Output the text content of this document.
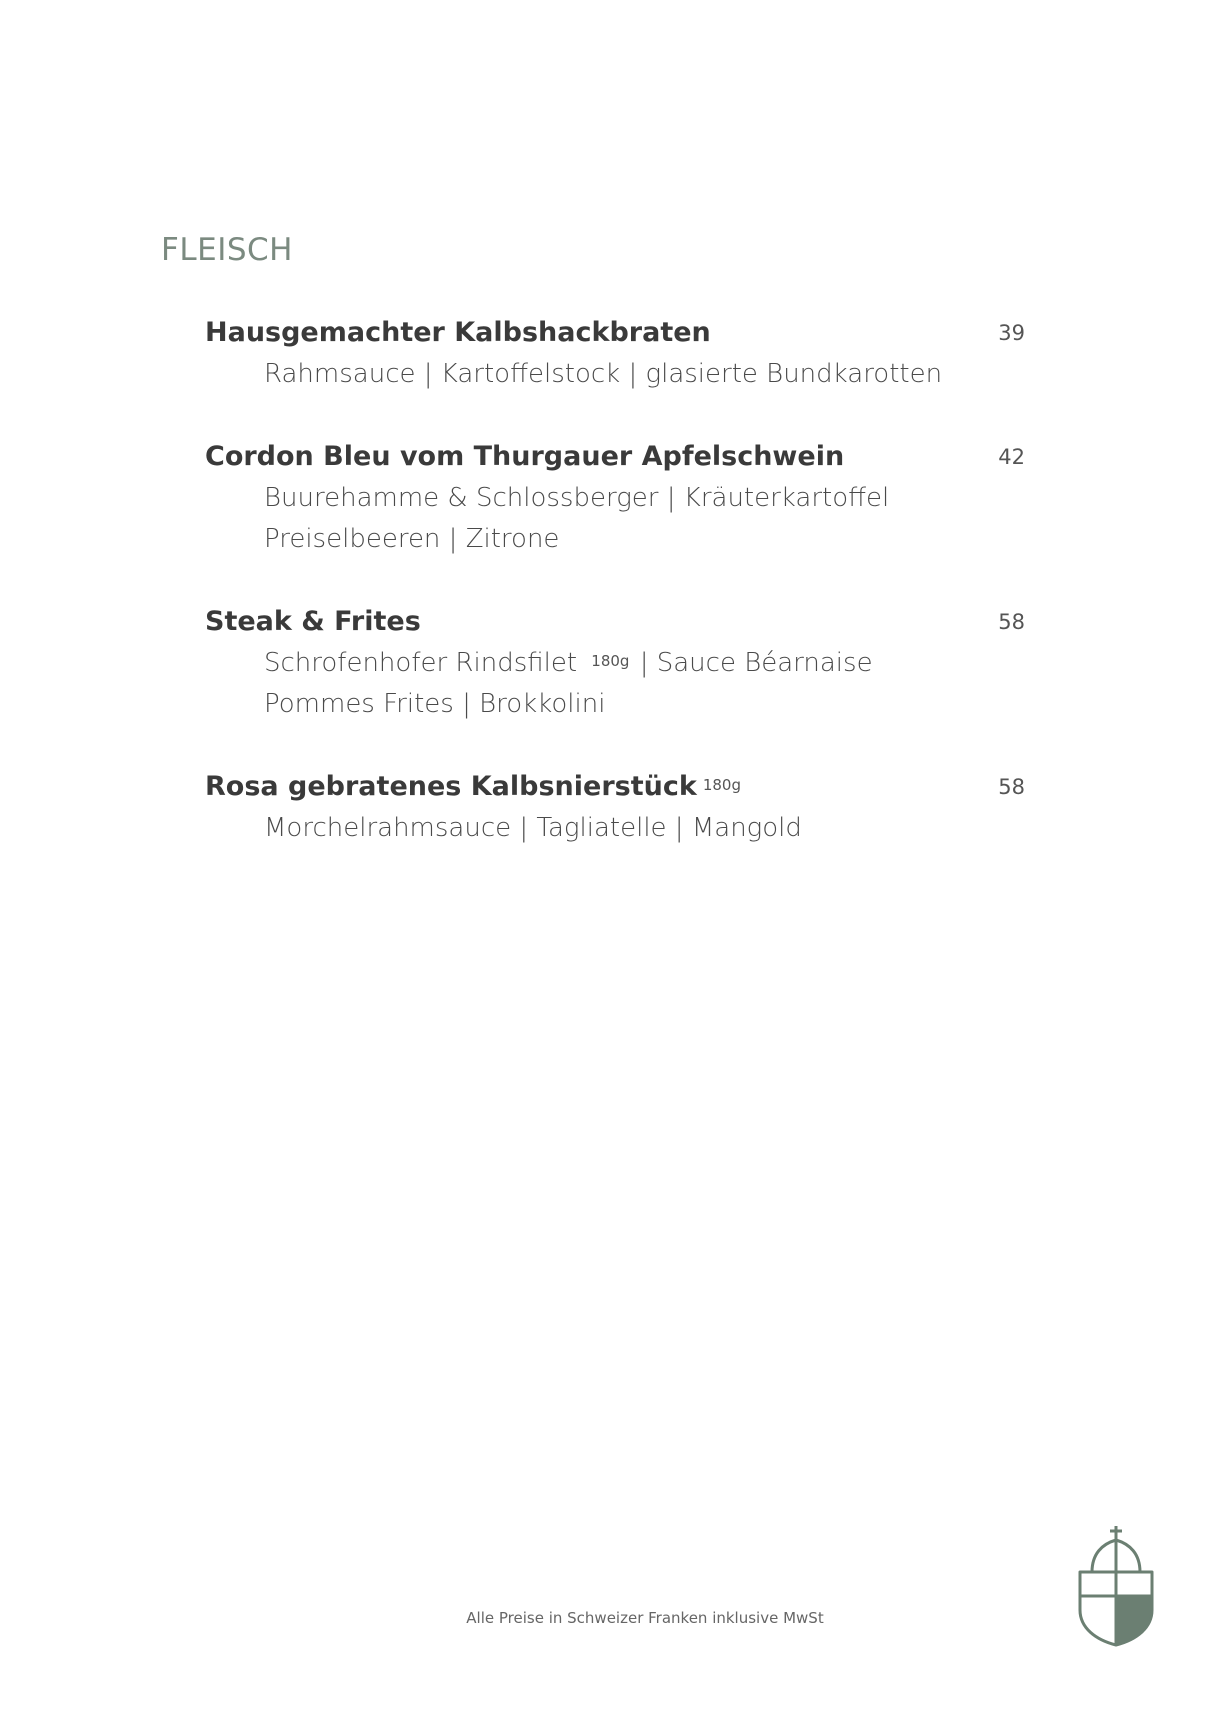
FLEISCH
Hausgemachter Kalbshackbraten	39
Rahmsauce | Kartoffelstock | glasierte Bundkarotten
Cordon Bleu vom Thurgauer Apfelschwein	42
Buurehamme & Schlossberger | Kräuterkartoffel
Preiselbeeren | Zitrone
Steak & Frites	58
Schrofenhofer Rindsfilet $^{180g}$ | Sauce Béarnaise
Pommes Frites | Brokkolini
Rosa gebratenes Kalbsnierstück $^{180g}$	58
Morchelrahmsauce | Tagliatelle | Mangold
Alle Preise in Schweizer Franken inklusive MwSt
